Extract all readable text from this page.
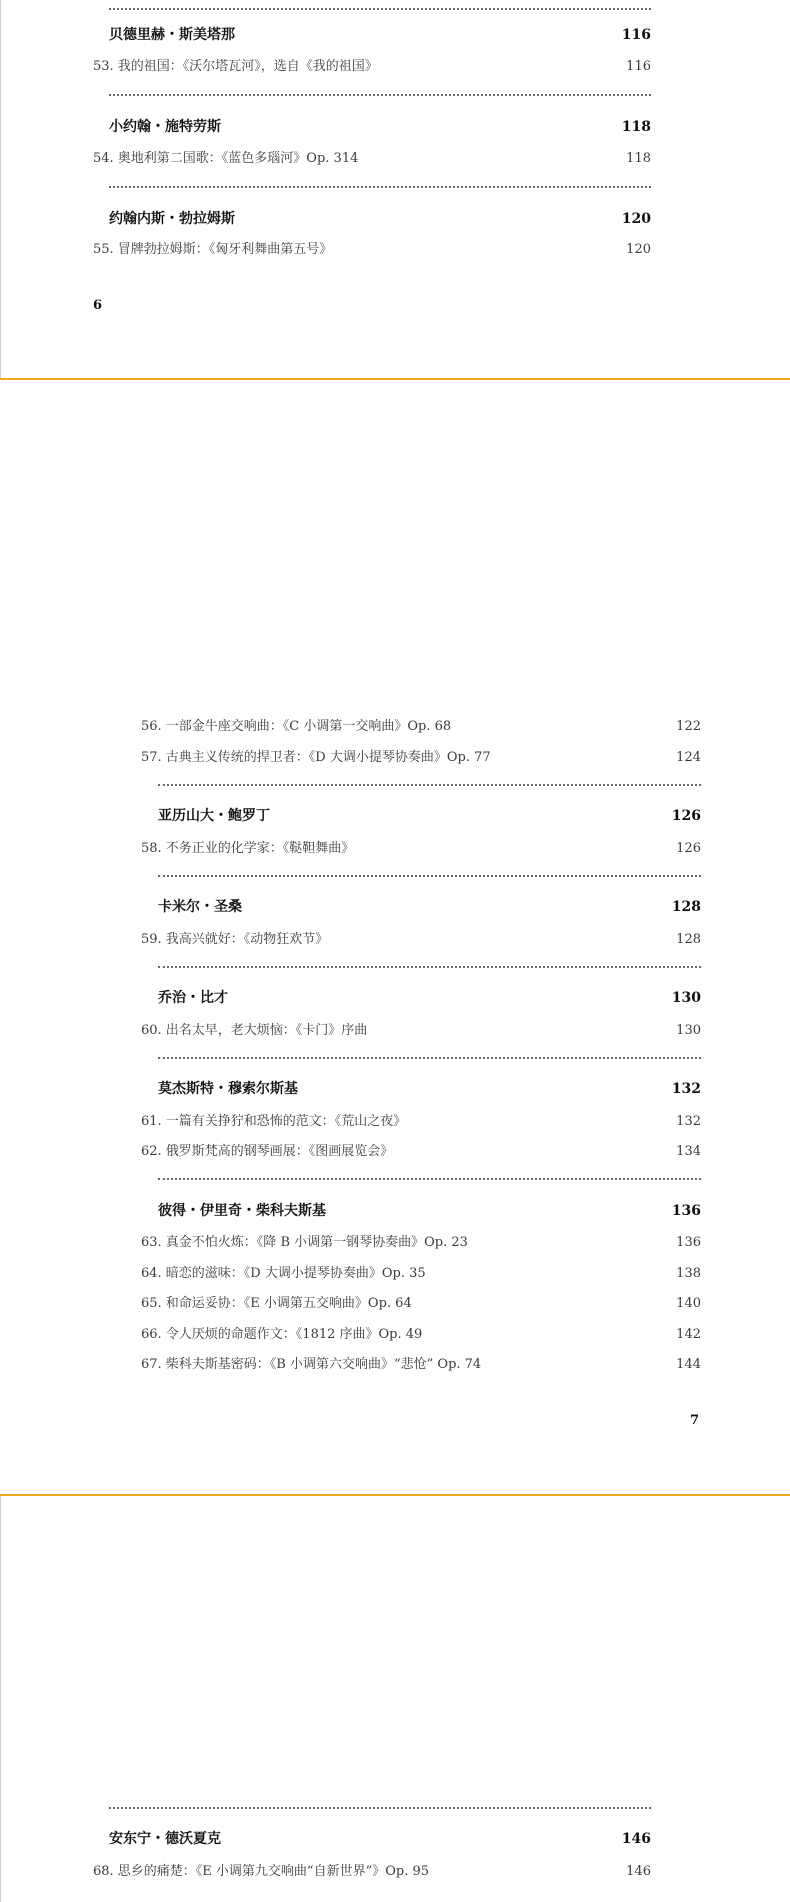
贝德里赫・斯美塔那	116
53. 我的祖国：《沃尔塔瓦河》，选自《我的祖国》	116
小约翰・施特劳斯	118
54. 奥地利第二国歌：《蓝色多瑙河》Op. 314	118
约翰内斯・勃拉姆斯	120
55. 冒牌勃拉姆斯：《匈牙利舞曲第五号》	120
6
56. 一部金牛座交响曲：《C 小调第一交响曲》Op. 68	122
57. 古典主义传统的捍卫者：《D 大调小提琴协奏曲》Op. 77	124
亚历山大・鲍罗丁	126
58. 不务正业的化学家：《鞑靼舞曲》	126
卡米尔・圣桑	128
59. 我高兴就好：《动物狂欢节》	128
乔治・比才	130
60. 出名太早，老大烦恼：《卡门》序曲	130
莫杰斯特・穆索尔斯基	132
61. 一篇有关挣狞和恐怖的范文：《荒山之夜》	132
62. 俄罗斯梵高的钢琴画展：《图画展览会》	134
彼得・伊里奇・柴科夫斯基	136
63. 真金不怕火炼：《降 B 小调第一钢琴协奏曲》Op. 23	136
64. 暗恋的滋味：《D 大调小提琴协奏曲》Op. 35	138
65. 和命运妥协：《E 小调第五交响曲》Op. 64	140
66. 令人厌烦的命题作文：《1812 序曲》Op. 49	142
67. 柴科夫斯基密码：《B 小调第六交响曲》“悲怆” Op. 74	144
7
安东宁・德沃夏克	146
68. 思乡的痛楚：《E 小调第九交响曲“自新世界”》Op. 95	146
